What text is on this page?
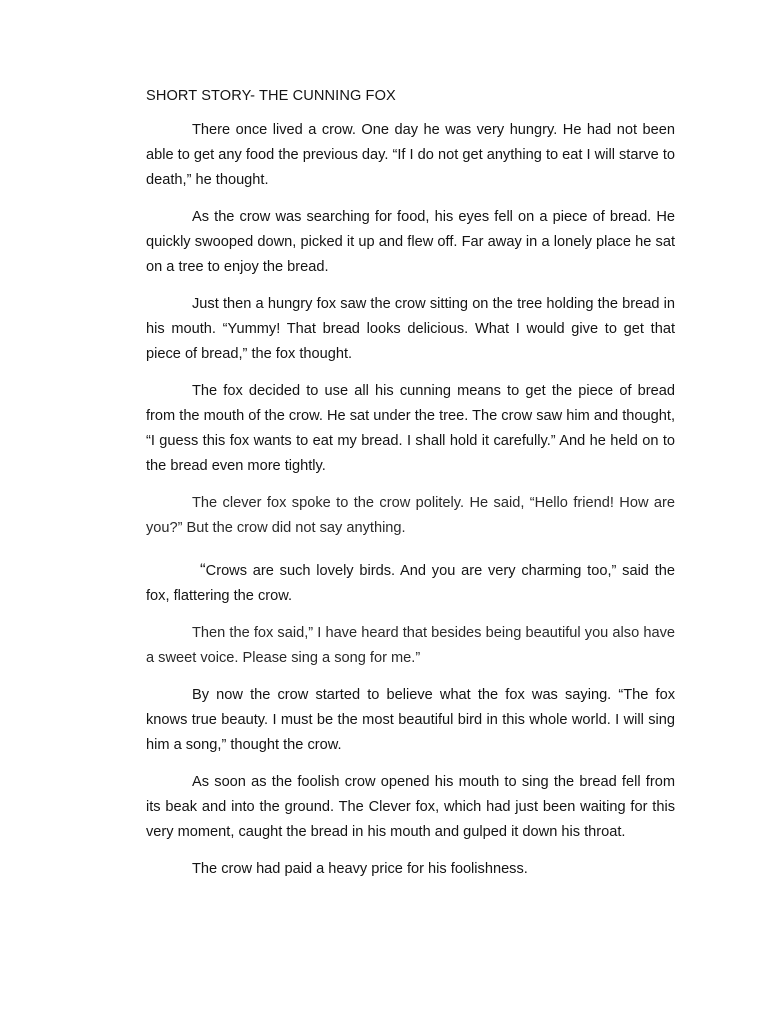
SHORT STORY- THE CUNNING FOX

There once lived a crow. One day he was very hungry. He had not been able to get any food the previous day. “If I do not get anything to eat I will starve to death,” he thought.

As the crow was searching for food, his eyes fell on a piece of bread. He quickly swooped down, picked it up and flew off. Far away in a lonely place he sat on a tree to enjoy the bread.

Just then a hungry fox saw the crow sitting on the tree holding the bread in his mouth. “Yummy! That bread looks delicious. What I would give to get that piece of bread,” the fox thought.

The fox decided to use all his cunning means to get the piece of bread from the mouth of the crow. He sat under the tree. The crow saw him and thought, “I guess this fox wants to eat my bread. I shall hold it carefully.” And he held on to the bread even more tightly.

The clever fox spoke to the crow politely. He said, “Hello friend! How are you?” But the crow did not say anything.

“Crows are such lovely birds. And you are very charming too,” said the fox, flattering the crow.

Then the fox said,” I have heard that besides being beautiful you also have a sweet voice. Please sing a song for me.”

By now the crow started to believe what the fox was saying. “The fox knows true beauty. I must be the most beautiful bird in this whole world. I will sing him a song,” thought the crow.

As soon as the foolish crow opened his mouth to sing the bread fell from its beak and into the ground. The Clever fox, which had just been waiting for this very moment, caught the bread in his mouth and gulped it down his throat.

The crow had paid a heavy price for his foolishness.
